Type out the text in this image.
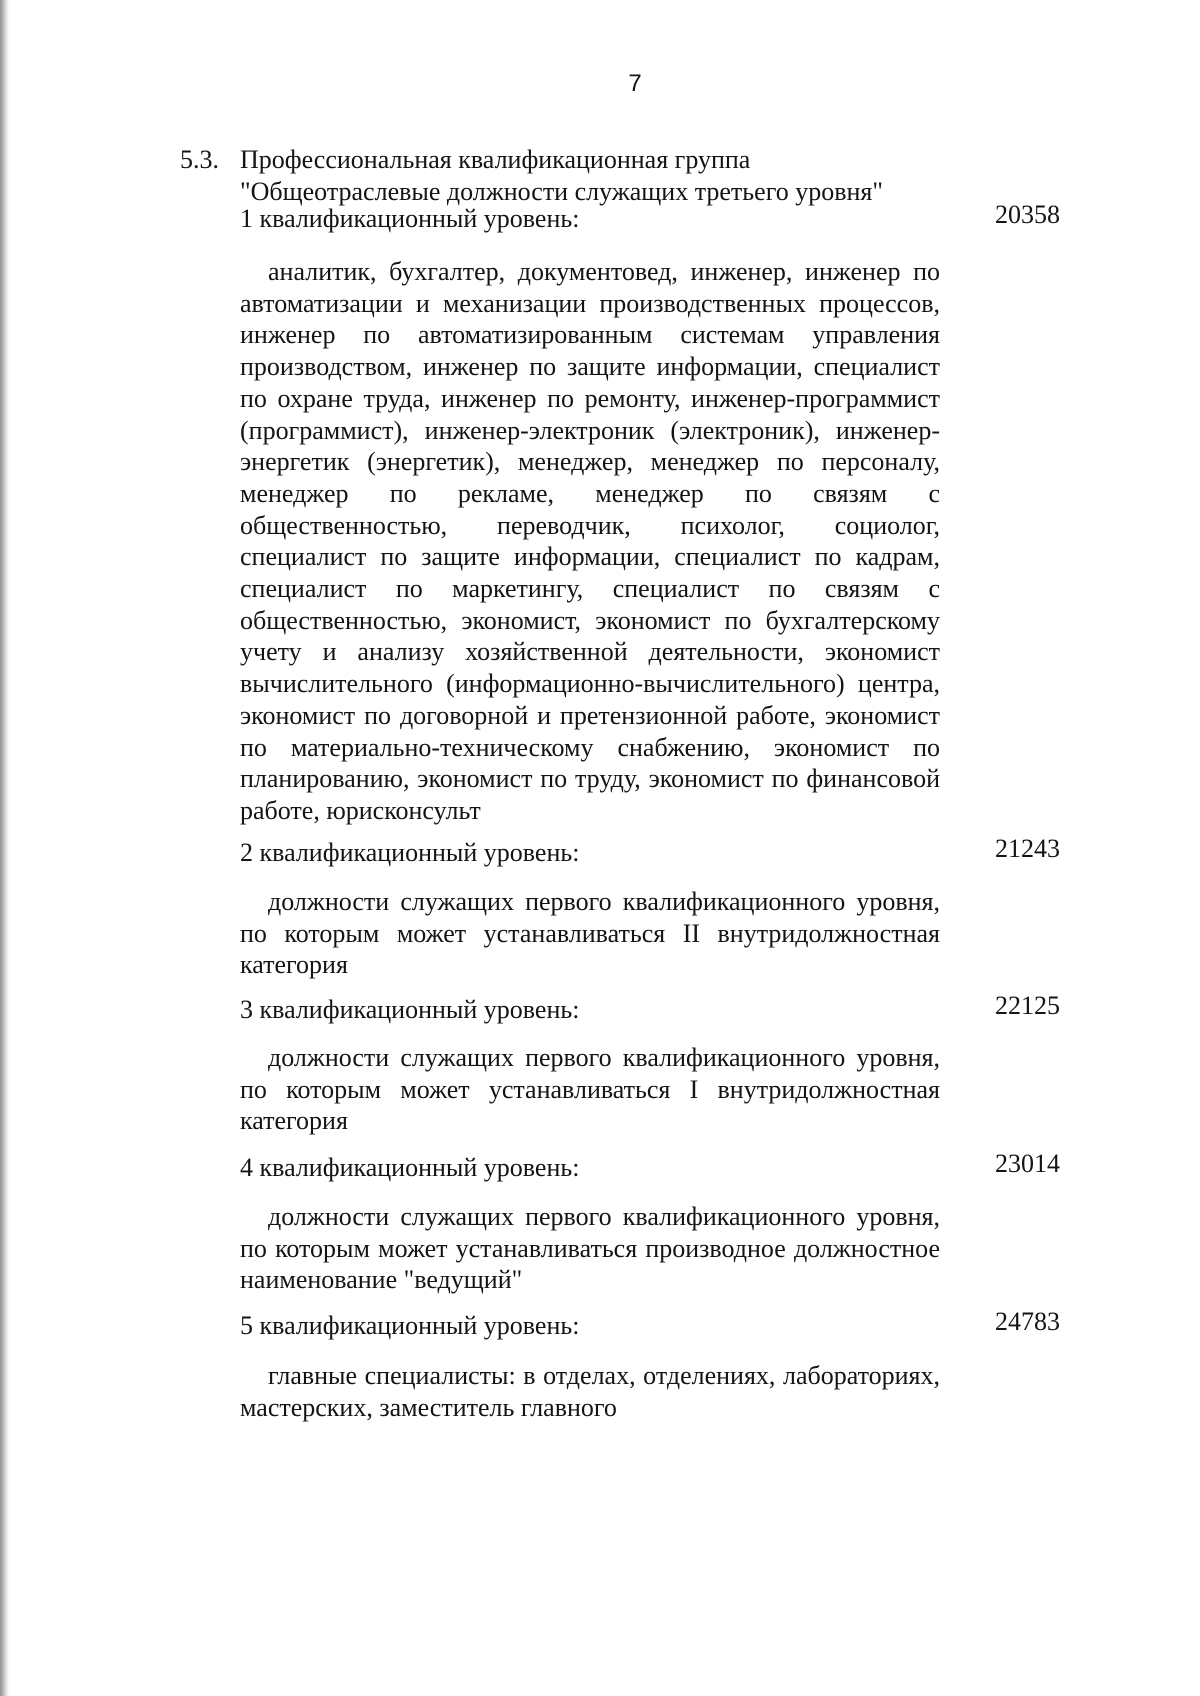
7
5.3. Профессиональная квалификационная группа
"Общеотраслевые должности служащих третьего уровня"
1 квалификационный уровень:	20358
аналитик, бухгалтер, документовед, инженер, инженер по автоматизации и механизации производственных процессов, инженер по автоматизированным системам управления производством, инженер по защите информации, специалист по охране труда, инженер по ремонту, инженер-программист (программист), инженер-электроник (электроник), инженер-энергетик (энергетик), менеджер, менеджер по персоналу, менеджер по рекламе, менеджер по связям с общественностью, переводчик, психолог, социолог, специалист по защите информации, специалист по кадрам, специалист по маркетингу, специалист по связям с общественностью, экономист, экономист по бухгалтерскому учету и анализу хозяйственной деятельности, экономист вычислительного (информационно-вычислительного) центра, экономист по договорной и претензионной работе, экономист по материально-техническому снабжению, экономист по планированию, экономист по труду, экономист по финансовой работе, юрисконсульт
2 квалификационный уровень:	21243
должности служащих первого квалификационного уровня, по которым может устанавливаться II внутридолжностная категория
3 квалификационный уровень:	22125
должности служащих первого квалификационного уровня, по которым может устанавливаться I внутридолжностная категория
4 квалификационный уровень:	23014
должности служащих первого квалификационного уровня, по которым может устанавливаться производное должностное наименование "ведущий"
5 квалификационный уровень:	24783
главные специалисты: в отделах, отделениях, лабораториях, мастерских, заместитель главного
